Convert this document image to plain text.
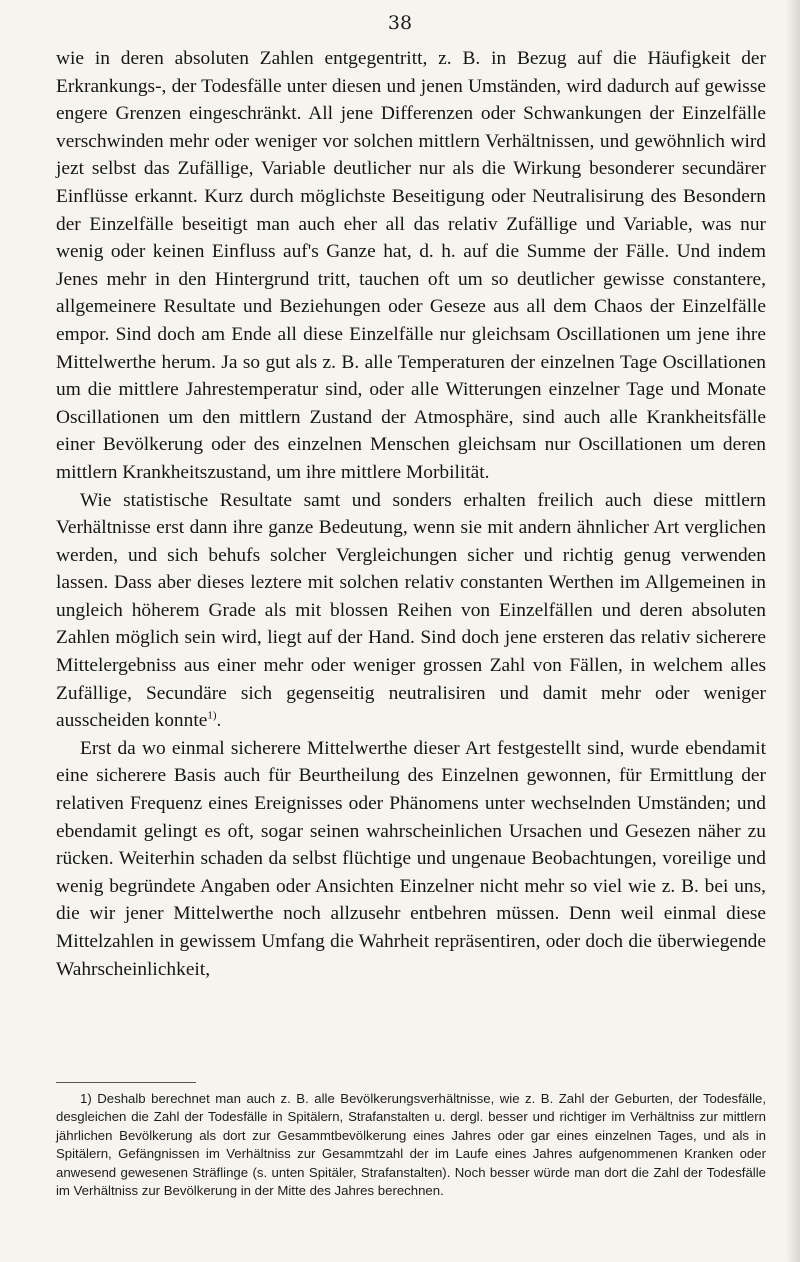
38

wie in deren absoluten Zahlen entgegentritt, z. B. in Bezug auf die Häufigkeit der Erkrankungs-, der Todesfälle unter diesen und jenen Umständen, wird dadurch auf gewisse engere Grenzen eingeschränkt. All jene Differenzen oder Schwankungen der Einzelfälle verschwinden mehr oder weniger vor solchen mittlern Verhältnissen, und gewöhnlich wird jezt selbst das Zufällige, Variable deutlicher nur als die Wirkung besonderer secundärer Einflüsse erkannt. Kurz durch möglichste Beseitigung oder Neutralisirung des Besondern der Einzelfälle beseitigt man auch eher all das relativ Zufällige und Variable, was nur wenig oder keinen Einfluss auf's Ganze hat, d. h. auf die Summe der Fälle. Und indem Jenes mehr in den Hintergrund tritt, tauchen oft um so deutlicher gewisse constantere, allgemeinere Resultate und Beziehungen oder Geseze aus all dem Chaos der Einzelfälle empor. Sind doch am Ende all diese Einzelfälle nur gleichsam Oscillationen um jene ihre Mittelwerthe herum. Ja so gut als z. B. alle Temperaturen der einzelnen Tage Oscillationen um die mittlere Jahrestemperatur sind, oder alle Witterungen einzelner Tage und Monate Oscillationen um den mittlern Zustand der Atmosphäre, sind auch alle Krankheitsfälle einer Bevölkerung oder des einzelnen Menschen gleichsam nur Oscillationen um deren mittlern Krankheitszustand, um ihre mittlere Morbilität.

Wie statistische Resultate samt und sonders erhalten freilich auch diese mittlern Verhältnisse erst dann ihre ganze Bedeutung, wenn sie mit andern ähnlicher Art verglichen werden, und sich behufs solcher Vergleichungen sicher und richtig genug verwenden lassen. Dass aber dieses leztere mit solchen relativ constanten Werthen im Allgemeinen in ungleich höherem Grade als mit blossen Reihen von Einzelfällen und deren absoluten Zahlen möglich sein wird, liegt auf der Hand. Sind doch jene ersteren das relativ sicherere Mittelergebniss aus einer mehr oder weniger grossen Zahl von Fällen, in welchem alles Zufällige, Secundäre sich gegenseitig neutralisiren und damit mehr oder weniger ausscheiden konnte$^{1)}$.

Erst da wo einmal sicherere Mittelwerthe dieser Art festgestellt sind, wurde ebendamit eine sicherere Basis auch für Beurtheilung des Einzelnen gewonnen, für Ermittlung der relativen Frequenz eines Ereignisses oder Phänomens unter wechselnden Umständen; und ebendamit gelingt es oft, sogar seinen wahrscheinlichen Ursachen und Gesezen näher zu rücken. Weiterhin schaden da selbst flüchtige und ungenaue Beobachtungen, voreilige und wenig begründete Angaben oder Ansichten Einzelner nicht mehr so viel wie z. B. bei uns, die wir jener Mittelwerthe noch allzusehr entbehren müssen. Denn weil einmal diese Mittelzahlen in gewissem Umfang die Wahrheit repräsentiren, oder doch die überwiegende Wahrscheinlichkeit,

1) Deshalb berechnet man auch z. B. alle Bevölkerungsverhältnisse, wie z. B. Zahl der Geburten, der Todesfälle, desgleichen die Zahl der Todesfälle in Spitälern, Strafanstalten u. dergl. besser und richtiger im Verhältniss zur mittlern jährlichen Bevölkerung als dort zur Gesammtbevölkerung eines Jahres oder gar eines einzelnen Tages, und als in Spitälern, Gefängnissen im Verhältniss zur Gesammtzahl der im Laufe eines Jahres aufgenommenen Kranken oder anwesend gewesenen Sträflinge (s. unten Spitäler, Strafanstalten). Noch besser würde man dort die Zahl der Todesfälle im Verhältniss zur Bevölkerung in der Mitte des Jahres berechnen.
